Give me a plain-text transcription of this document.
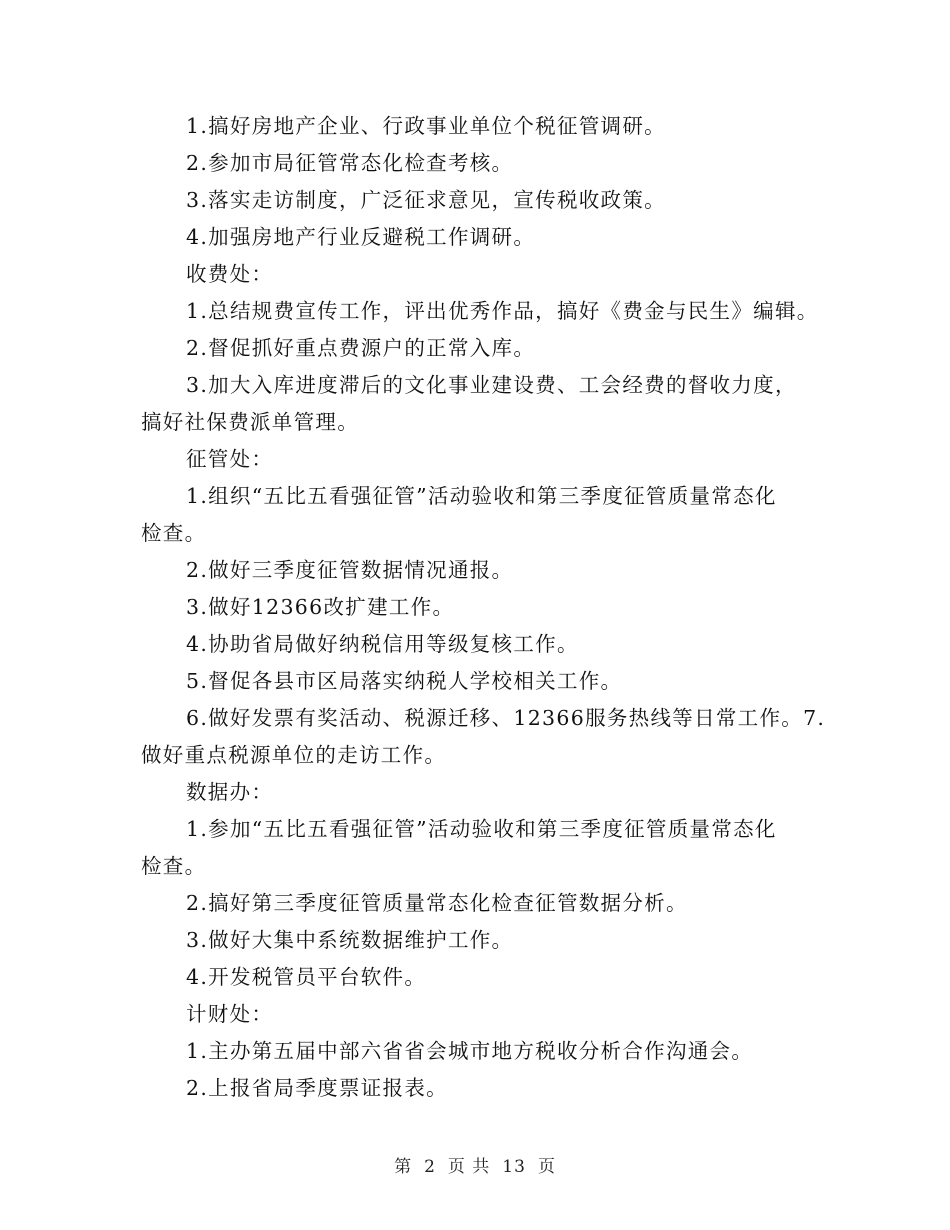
1.搞好房地产企业、行政事业单位个税征管调研。
2.参加市局征管常态化检查考核。
3.落实走访制度，广泛征求意见，宣传税收政策。
4.加强房地产行业反避税工作调研。
收费处：
1.总结规费宣传工作，评出优秀作品，搞好《费金与民生》编辑。
2.督促抓好重点费源户的正常入库。
3.加大入库进度滞后的文化事业建设费、工会经费的督收力度，
搞好社保费派单管理。
征管处：
1.组织“五比五看强征管”活动验收和第三季度征管质量常态化
检查。
2.做好三季度征管数据情况通报。
3.做好12366改扩建工作。
4.协助省局做好纳税信用等级复核工作。
5.督促各县市区局落实纳税人学校相关工作。
6.做好发票有奖活动、税源迁移、12366服务热线等日常工作。7.
做好重点税源单位的走访工作。
数据办：
1.参加“五比五看强征管”活动验收和第三季度征管质量常态化
检查。
2.搞好第三季度征管质量常态化检查征管数据分析。
3.做好大集中系统数据维护工作。
4.开发税管员平台软件。
计财处：
1.主办第五届中部六省省会城市地方税收分析合作沟通会。
2.上报省局季度票证报表。
第 2 页 共 13 页
